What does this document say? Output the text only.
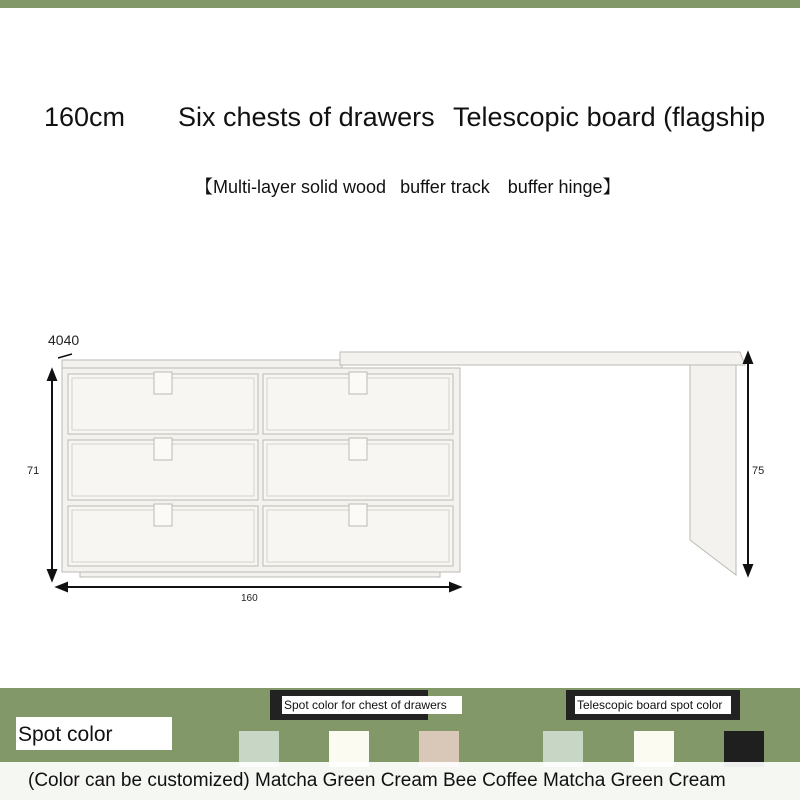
160cm Six chests of drawers Telescopic board (flagship
【Multi-layer solid wood buffer track buffer hinge】
4040
71	75
160
Spot color for chest of drawers	Telescopic board spot color
Spot color
(Color can be customized) Matcha Green Cream Bee Coffee Matcha Green Cream
